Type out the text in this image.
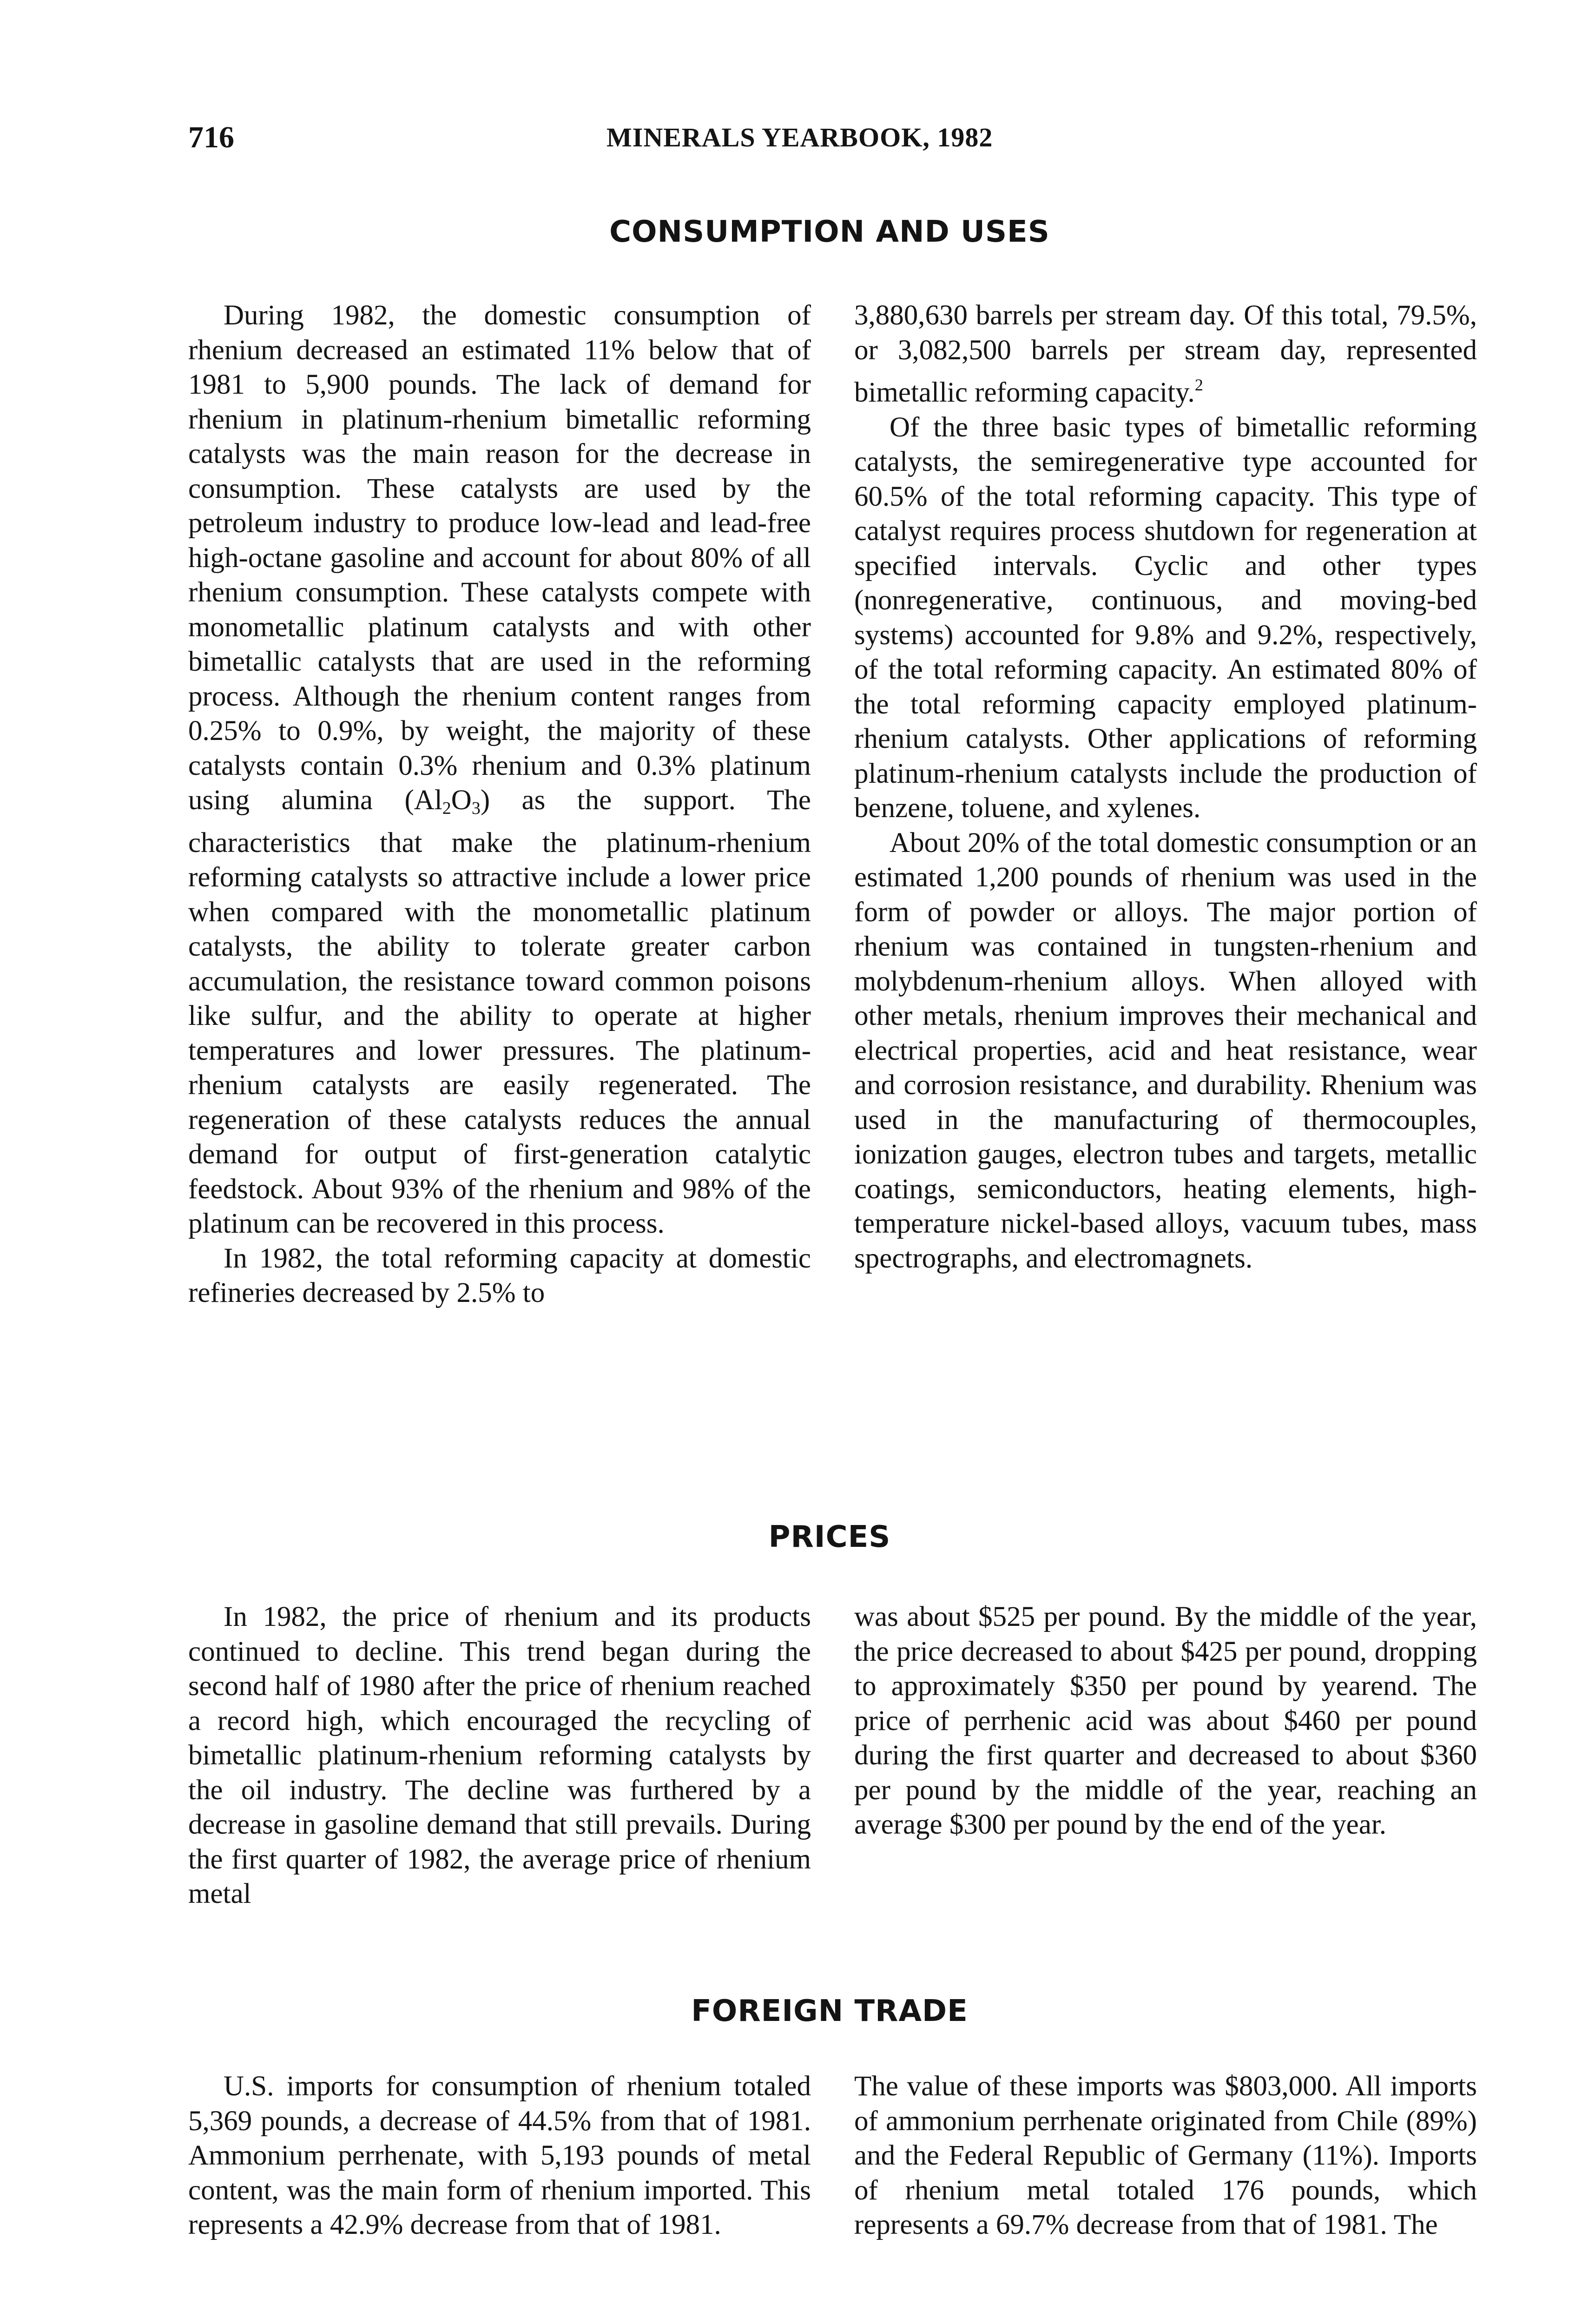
716	MINERALS YEARBOOK, 1982
CONSUMPTION AND USES

During 1982, the domestic consumption of rhenium decreased an estimated 11% below that of 1981 to 5,900 pounds. The lack of demand for rhenium in platinum-rhenium bimetallic reforming catalysts was the main reason for the decrease in consumption. These catalysts are used by the petroleum industry to produce low-lead and lead-free high-octane gasoline and account for about 80% of all rhenium consumption. These catalysts compete with monometallic platinum catalysts and with other bimetallic catalysts that are used in the reforming process. Although the rhenium content ranges from 0.25% to 0.9%, by weight, the majority of these catalysts contain 0.3% rhenium and 0.3% platinum using alumina $(Al_2O_3)$ as the support. The characteristics that make the platinum-rhenium reforming catalysts so attractive include a lower price when compared with the monometallic platinum catalysts, the ability to tolerate greater carbon accumulation, the resistance toward common poisons like sulfur, and the ability to operate at higher temperatures and lower pressures. The platinum-rhenium catalysts are easily regenerated. The regeneration of these catalysts reduces the annual demand for output of first-generation catalytic feedstock. About 93% of the rhenium and 98% of the platinum can be recovered in this process.

In 1982, the total reforming capacity at domestic refineries decreased by 2.5% to

3,880,630 barrels per stream day. Of this total, 79.5%, or 3,082,500 barrels per stream day, represented bimetallic reforming capacity.$^2$

Of the three basic types of bimetallic reforming catalysts, the semiregenerative type accounted for 60.5% of the total reforming capacity. This type of catalyst requires process shutdown for regeneration at specified intervals. Cyclic and other types (nonregenerative, continuous, and moving-bed systems) accounted for 9.8% and 9.2%, respectively, of the total reforming capacity. An estimated 80% of the total reforming capacity employed platinum-rhenium catalysts. Other applications of reforming platinum-rhenium catalysts include the production of benzene, toluene, and xylenes.

About 20% of the total domestic consumption or an estimated 1,200 pounds of rhenium was used in the form of powder or alloys. The major portion of rhenium was contained in tungsten-rhenium and molybdenum-rhenium alloys. When alloyed with other metals, rhenium improves their mechanical and electrical properties, acid and heat resistance, wear and corrosion resistance, and durability. Rhenium was used in the manufacturing of thermocouples, ionization gauges, electron tubes and targets, metallic coatings, semiconductors, heating elements, high-temperature nickel-based alloys, vacuum tubes, mass spectrographs, and electromagnets.

PRICES

In 1982, the price of rhenium and its products continued to decline. This trend began during the second half of 1980 after the price of rhenium reached a record high, which encouraged the recycling of bimetallic platinum-rhenium reforming catalysts by the oil industry. The decline was furthered by a decrease in gasoline demand that still prevails. During the first quarter of 1982, the average price of rhenium metal

was about $525 per pound. By the middle of the year, the price decreased to about $425 per pound, dropping to approximately $350 per pound by yearend. The price of perrhenic acid was about $460 per pound during the first quarter and decreased to about $360 per pound by the middle of the year, reaching an average $300 per pound by the end of the year.

FOREIGN TRADE

U.S. imports for consumption of rhenium totaled 5,369 pounds, a decrease of 44.5% from that of 1981. Ammonium perrhenate, with 5,193 pounds of metal content, was the main form of rhenium imported. This represents a 42.9% decrease from that of 1981.

The value of these imports was $803,000. All imports of ammonium perrhenate originated from Chile (89%) and the Federal Republic of Germany (11%). Imports of rhenium metal totaled 176 pounds, which represents a 69.7% decrease from that of 1981. The
